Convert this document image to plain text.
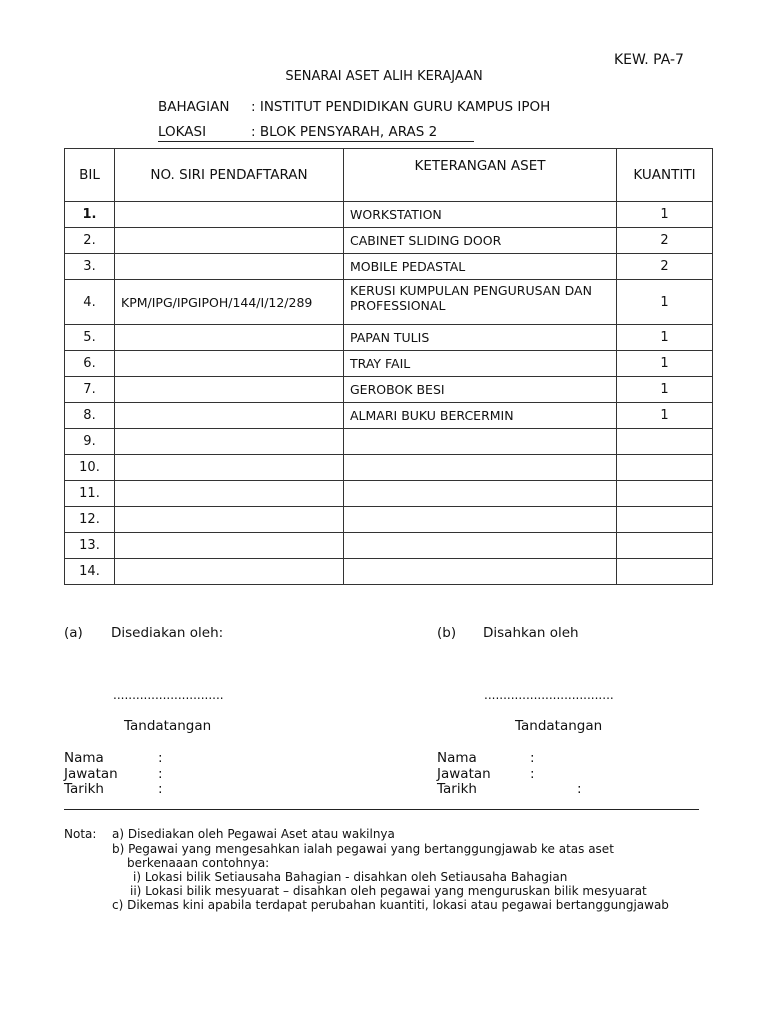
KEW. PA-7
SENARAI ASET ALIH KERAJAAN
BAHAGIAN : INSTITUT PENDIDIKAN GURU KAMPUS IPOH
LOKASI	: BLOK PENSYARAH, ARAS 2
BIL	NO. SIRI PENDAFTARAN	KETERANGAN ASET	KUANTITI
1.		WORKSTATION	1
2.		CABINET SLIDING DOOR	2
3.		MOBILE PEDASTAL	2
4.	KPM/IPG/IPGIPOH/144/I/12/289	KERUSI KUMPULAN PENGURUSAN DAN PROFESSIONAL	1
5.		PAPAN TULIS	1
6.		TRAY FAIL	1
7.		GEROBOK BESI	1
8.		ALMARI BUKU BERCERMIN	1
9.			
10.			
11.			
12.			
13.			
14.			
(a) Disediakan oleh:
.............................
Tandatangan
Nama	:
Jawatan	:
Tarikh	:
(b) Disahkan oleh
..................................
Tandatangan
Nama	:
Jawatan	:
Tarikh	:
Nota: a) Disediakan oleh Pegawai Aset atau wakilnya
b) Pegawai yang mengesahkan ialah pegawai yang bertanggungjawab ke atas aset
berkenaaan contohnya:
i) Lokasi bilik Setiausaha Bahagian - disahkan oleh Setiausaha Bahagian
ii) Lokasi bilik mesyuarat – disahkan oleh pegawai yang menguruskan bilik mesyuarat
c) Dikemas kini apabila terdapat perubahan kuantiti, lokasi atau pegawai bertanggungjawab
